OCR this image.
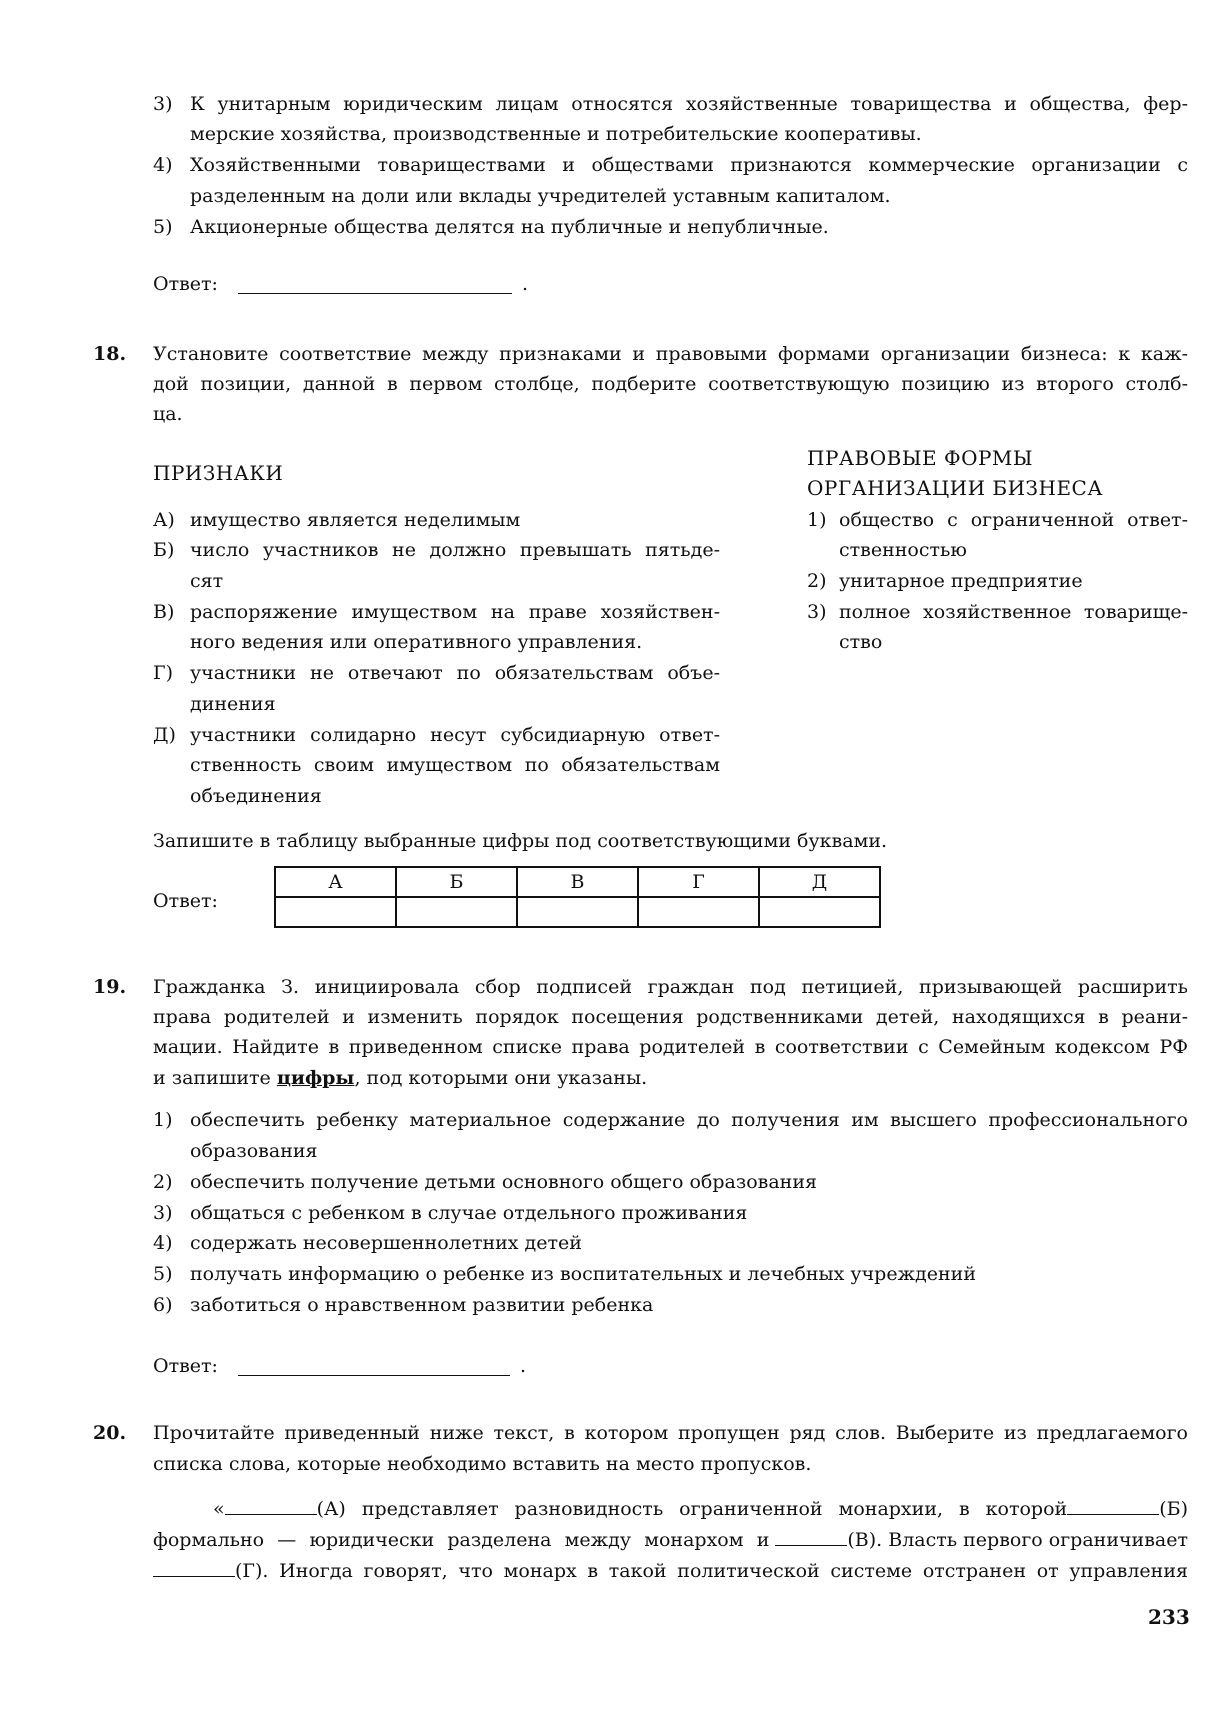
3) К унитарным юридическим лицам относятся хозяйственные товарищества и общества, фер-
мерские хозяйства, производственные и потребительские кооперативы.
4) Хозяйственными товариществами и обществами признаются коммерческие организации с
разделенным на доли или вклады учредителей уставным капиталом.
5) Акционерные общества делятся на публичные и непубличные.
Ответ:	.
18. Установите соответствие между признаками и правовыми формами организации бизнеса: к каж-
дой позиции, данной в первом столбце, подберите соответствующую позицию из второго столб-
ца.
ПРИЗНАКИ
ПРАВОВЫЕ ФОРМЫ
ОРГАНИЗАЦИИ БИЗНЕСА
А) имущество является неделимым
Б) число участников не должно превышать пятьде-
сят
В) распоряжение имуществом на праве хозяйствен-
ного ведения или оперативного управления.
Г) участники не отвечают по обязательствам объе-
динения
Д) участники солидарно несут субсидиарную ответ-
ственность своим имуществом по обязательствам
объединения
1) общество с ограниченной ответ-
ственностью
2) унитарное предприятие
3) полное хозяйственное товарище-
ство
Запишите в таблицу выбранные цифры под соответствующими буквами.
Ответ:
А	Б	В	Г	Д

19. Гражданка З. инициировала сбор подписей граждан под петицией, призывающей расширить
права родителей и изменить порядок посещения родственниками детей, находящихся в реани-
мации. Найдите в приведенном списке права родителей в соответствии с Семейным кодексом РФ
и запишите цифры, под которыми они указаны.
1) обеспечить ребенку материальное содержание до получения им высшего профессионального
образования
2) обеспечить получение детьми основного общего образования
3) общаться с ребенком в случае отдельного проживания
4) содержать несовершеннолетних детей
5) получать информацию о ребенке из воспитательных и лечебных учреждений
6) заботиться о нравственном развитии ребенка
Ответ:	.
20. Прочитайте приведенный ниже текст, в котором пропущен ряд слов. Выберите из предлагаемого
списка слова, которые необходимо вставить на место пропусков.
«	(А) представляет разновидность ограниченной монархии, в которой	(Б)
формально — юридически разделена между монархом и	(В). Власть первого ограничивает
(Г). Иногда говорят, что монарх в такой политической системе отстранен от управления
233
